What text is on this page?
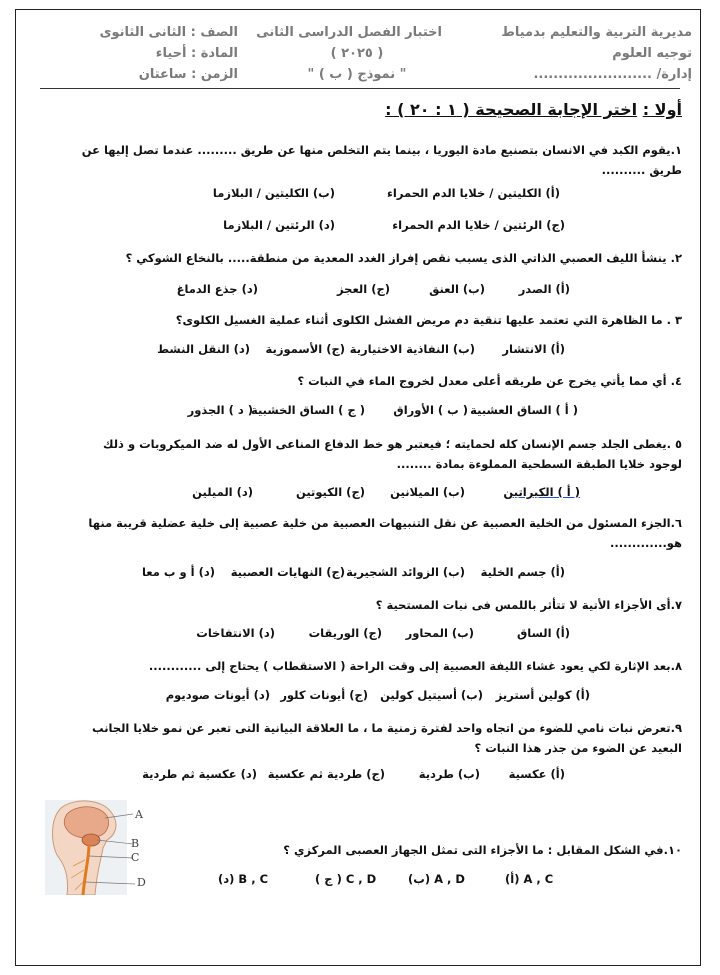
مديرية التربية والتعليم بدمياط
توجيه العلوم
إدارة/ ........................
اختبار الفصل الدراسى الثانى
( ٢٠٢٥ )
" نموذج ( ب ) "
الصف : الثانى الثانوى
المادة : أحياء
الزمن : ساعتان
أولا : اختر الإجابة الصحيحة ( ١ : ٢٠ ) :
١.يقوم الكبد في الانسان بتصنيع مادة اليوريا ، بينما يتم التخلص منها عن طريق ......... عندما تصل إليها عن طريق ..........
(أ) الكليتين / خلايا الدم الحمراء
(ب) الكليتين / البلازما
(ج) الرئتين / خلايا الدم الحمراء
(د) الرئتين / البلازما
٢. ينشأ الليف العصبي الذاتي الذى يسبب نقص إفراز الغدد المعدية من منطقة..... بالنخاع الشوكي ؟
(أ) الصدر
(ب) العنق
(ج) العجز
(د) جذع الدماغ
٣ . ما الظاهرة التي تعتمد عليها تنقية دم مريض الفشل الكلوى أثناء عملية الغسيل الكلوى؟
(أ) الانتشار
(ب) النفاذية الاختيارية
(ج) الأسموزية
(د) النقل النشط
٤. أي مما يأتي يخرج عن طريقه أعلى معدل لخروج الماء في النبات ؟
( أ ) الساق العشبية
( ب ) الأوراق
( ج ) الساق الخشبية
( د ) الجذور
٥ .يغطى الجلد جسم الإنسان كله لحمايته ؛ فيعتبر هو خط الدفاع المناعى الأول له ضد الميكروبات و ذلك لوجود خلايا الطبقة السطحية المملوءة بمادة ........
( أ ) الكيراتين
(ب) الميلانين
(ج) الكيوتين
(د) الميلين
٦.الجزء المسئول من الخلية العصبية عن نقل التنبيهات العصبية من خلية عصبية إلى خلية عضلية قريبة منها هو.............
(أ) جسم الخلية
(ب) الزوائد الشجيرية
(ج) النهايات العصبية
(د) أ و ب معا
٧.أى الأجزاء الأتية لا تتأثر باللمس فى نبات المستحية ؟
(أ) الساق
(ب) المحاور
(ج) الوريقات
(د) الانتفاخات
٨.بعد الإثارة لكي يعود غشاء الليفة العصبية إلى وقت الراحة ( الاستقطاب ) يحتاج إلى ............
(أ) كولين أستريز
(ب) أسيتيل كولين
(ج) أيونات كلور
(د) أيونات صوديوم
٩.تعرض نبات نامي للضوء من اتجاه واحد لفترة زمنية ما ، ما العلاقة البيانية التى تعبر عن نمو خلايا الجانب البعيد عن الضوء من جذر هذا النبات ؟
(أ) عكسية
(ب) طردية
(ج) طردية ثم عكسية
(د) عكسية ثم طردية
١٠.في الشكل المقابل : ما الأجزاء التى تمثل الجهاز العصبى المركزي ؟
(أ) A , C
(ب) A , D
( ج ) C , D
(د) B , C
A
B
C
D
